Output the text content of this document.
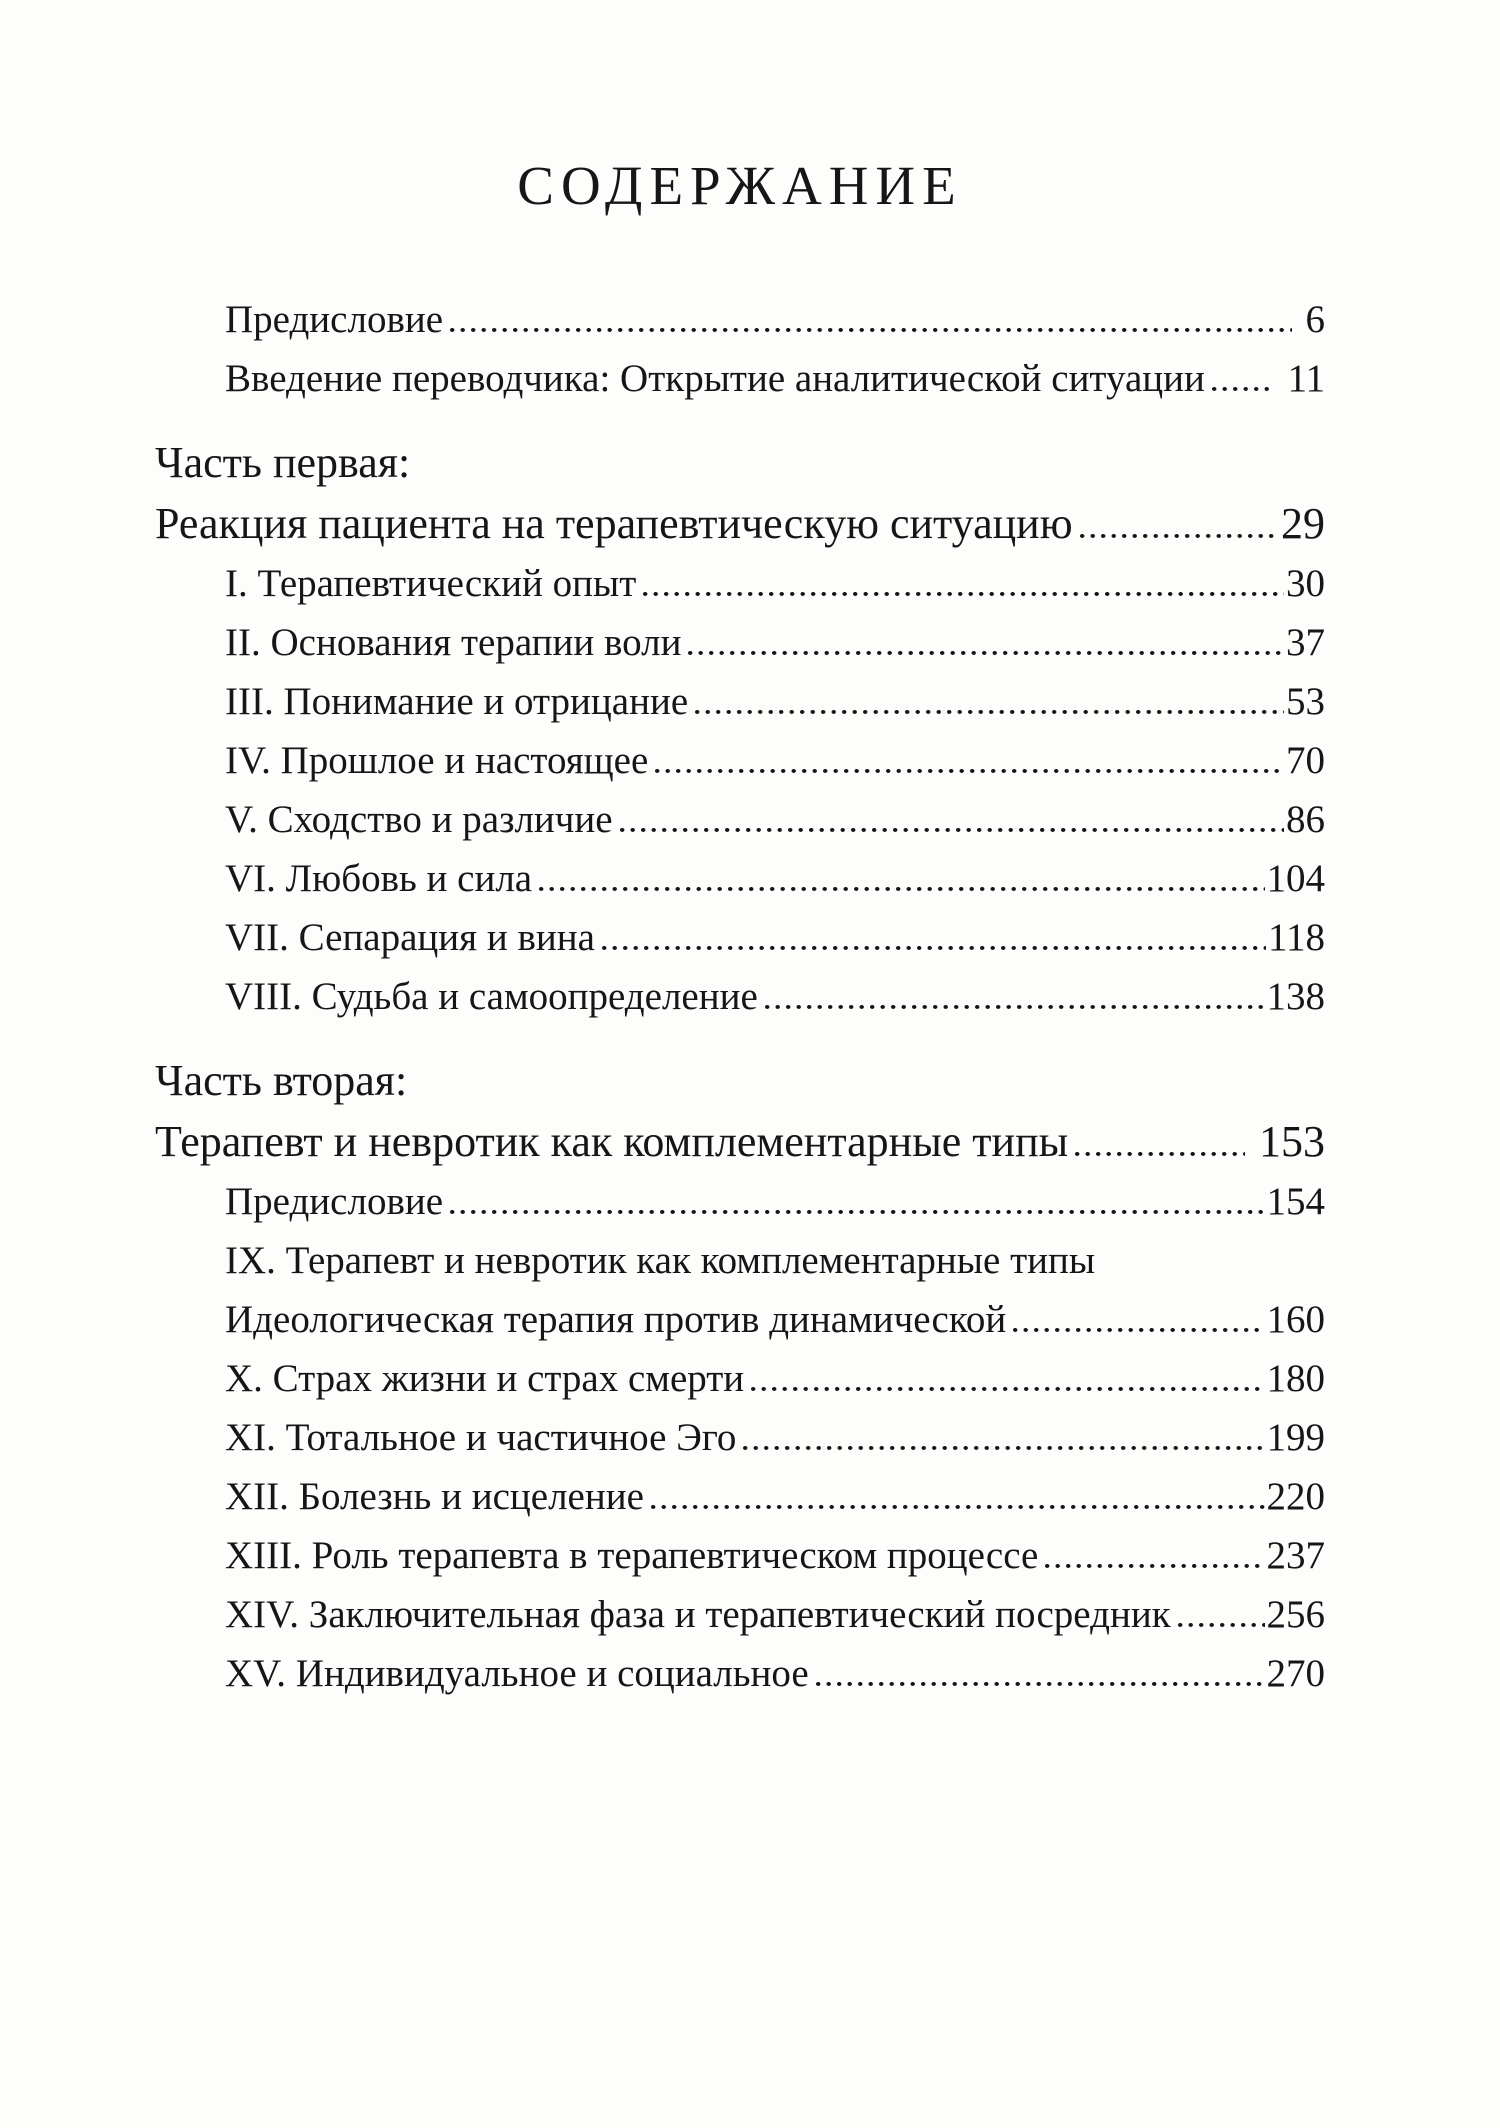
СОДЕРЖАНИЕ
Предисловие	6
Введение переводчика: Открытие аналитической ситуации 11
Часть первая:
Реакция пациента на терапевтическую ситуацию	29
I. Терапевтический опыт	30
II. Основания терапии воли	37
III. Понимание и отрицание	53
IV. Прошлое и настоящее	70
V. Сходство и различие	86
VI. Любовь и сила	104
VII. Сепарация и вина	118
VIII. Судьба и самоопределение	138
Часть вторая:
Терапевт и невротик как комплементарные типы	153
Предисловие	154
IX. Терапевт и невротик как комплементарные типы
Идеологическая терапия против динамической	160
X. Страх жизни и страх смерти	180
XI. Тотальное и частичное Эго	199
XII. Болезнь и исцеление	220
XIII. Роль терапевта в терапевтическом процессе	237
XIV. Заключительная фаза и терапевтический посредник 256
XV. Индивидуальное и социальное	270
